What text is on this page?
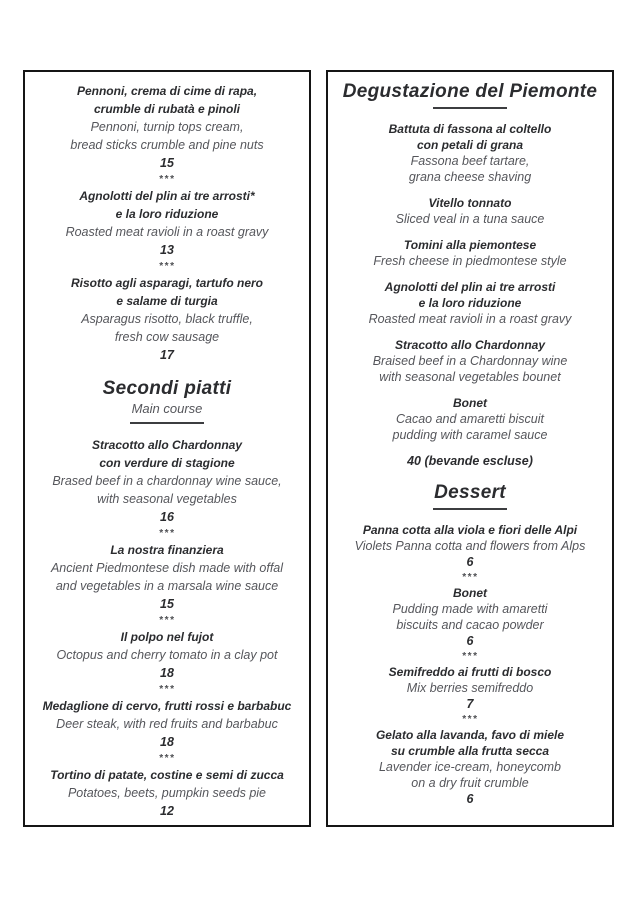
Pennoni, crema di cime di rapa,
crumble di rubatà e pinoli
Pennoni, turnip tops cream,
bread sticks crumble and pine nuts
15
***
Agnolotti del plin ai tre arrosti*
e la loro riduzione
Roasted meat ravioli in a roast gravy
13
***
Risotto agli asparagi, tartufo nero
e salame di turgia
Asparagus risotto, black truffle,
fresh cow sausage
17
Secondi piatti
Main course
Stracotto allo Chardonnay
con verdure di stagione
Brased beef in a chardonnay wine sauce,
with seasonal vegetables
16
***
La nostra finanziera
Ancient Piedmontese dish made with offal
and vegetables in a marsala wine sauce
15
***
Il polpo nel fujot
Octopus and cherry tomato in a clay pot
18
***
Medaglione di cervo, frutti rossi e barbabuc
Deer steak, with red fruits and barbabuc
18
***
Tortino di patate, costine e semi di zucca
Potatoes, beets, pumpkin seeds pie
12
Degustazione del Piemonte
Battuta di fassona al coltello
con petali di grana
Fassona beef tartare,
grana cheese shaving
Vitello tonnato
Sliced veal in a tuna sauce
Tomini alla piemontese
Fresh cheese in piedmontese style
Agnolotti del plin ai tre arrosti
e la loro riduzione
Roasted meat ravioli in a roast gravy
Stracotto allo Chardonnay
Braised beef in a Chardonnay wine
with seasonal vegetables bounet
Bonet
Cacao and amaretti biscuit
pudding with caramel sauce
40 (bevande escluse)
Dessert
Panna cotta alla viola e fiori delle Alpi
Violets Panna cotta and flowers from Alps
6
***
Bonet
Pudding made with amaretti
biscuits and cacao powder
6
***
Semifreddo ai frutti di bosco
Mix berries semifreddo
7
***
Gelato alla lavanda, favo di miele
su crumble alla frutta secca
Lavender ice-cream, honeycomb
on a dry fruit crumble
6
